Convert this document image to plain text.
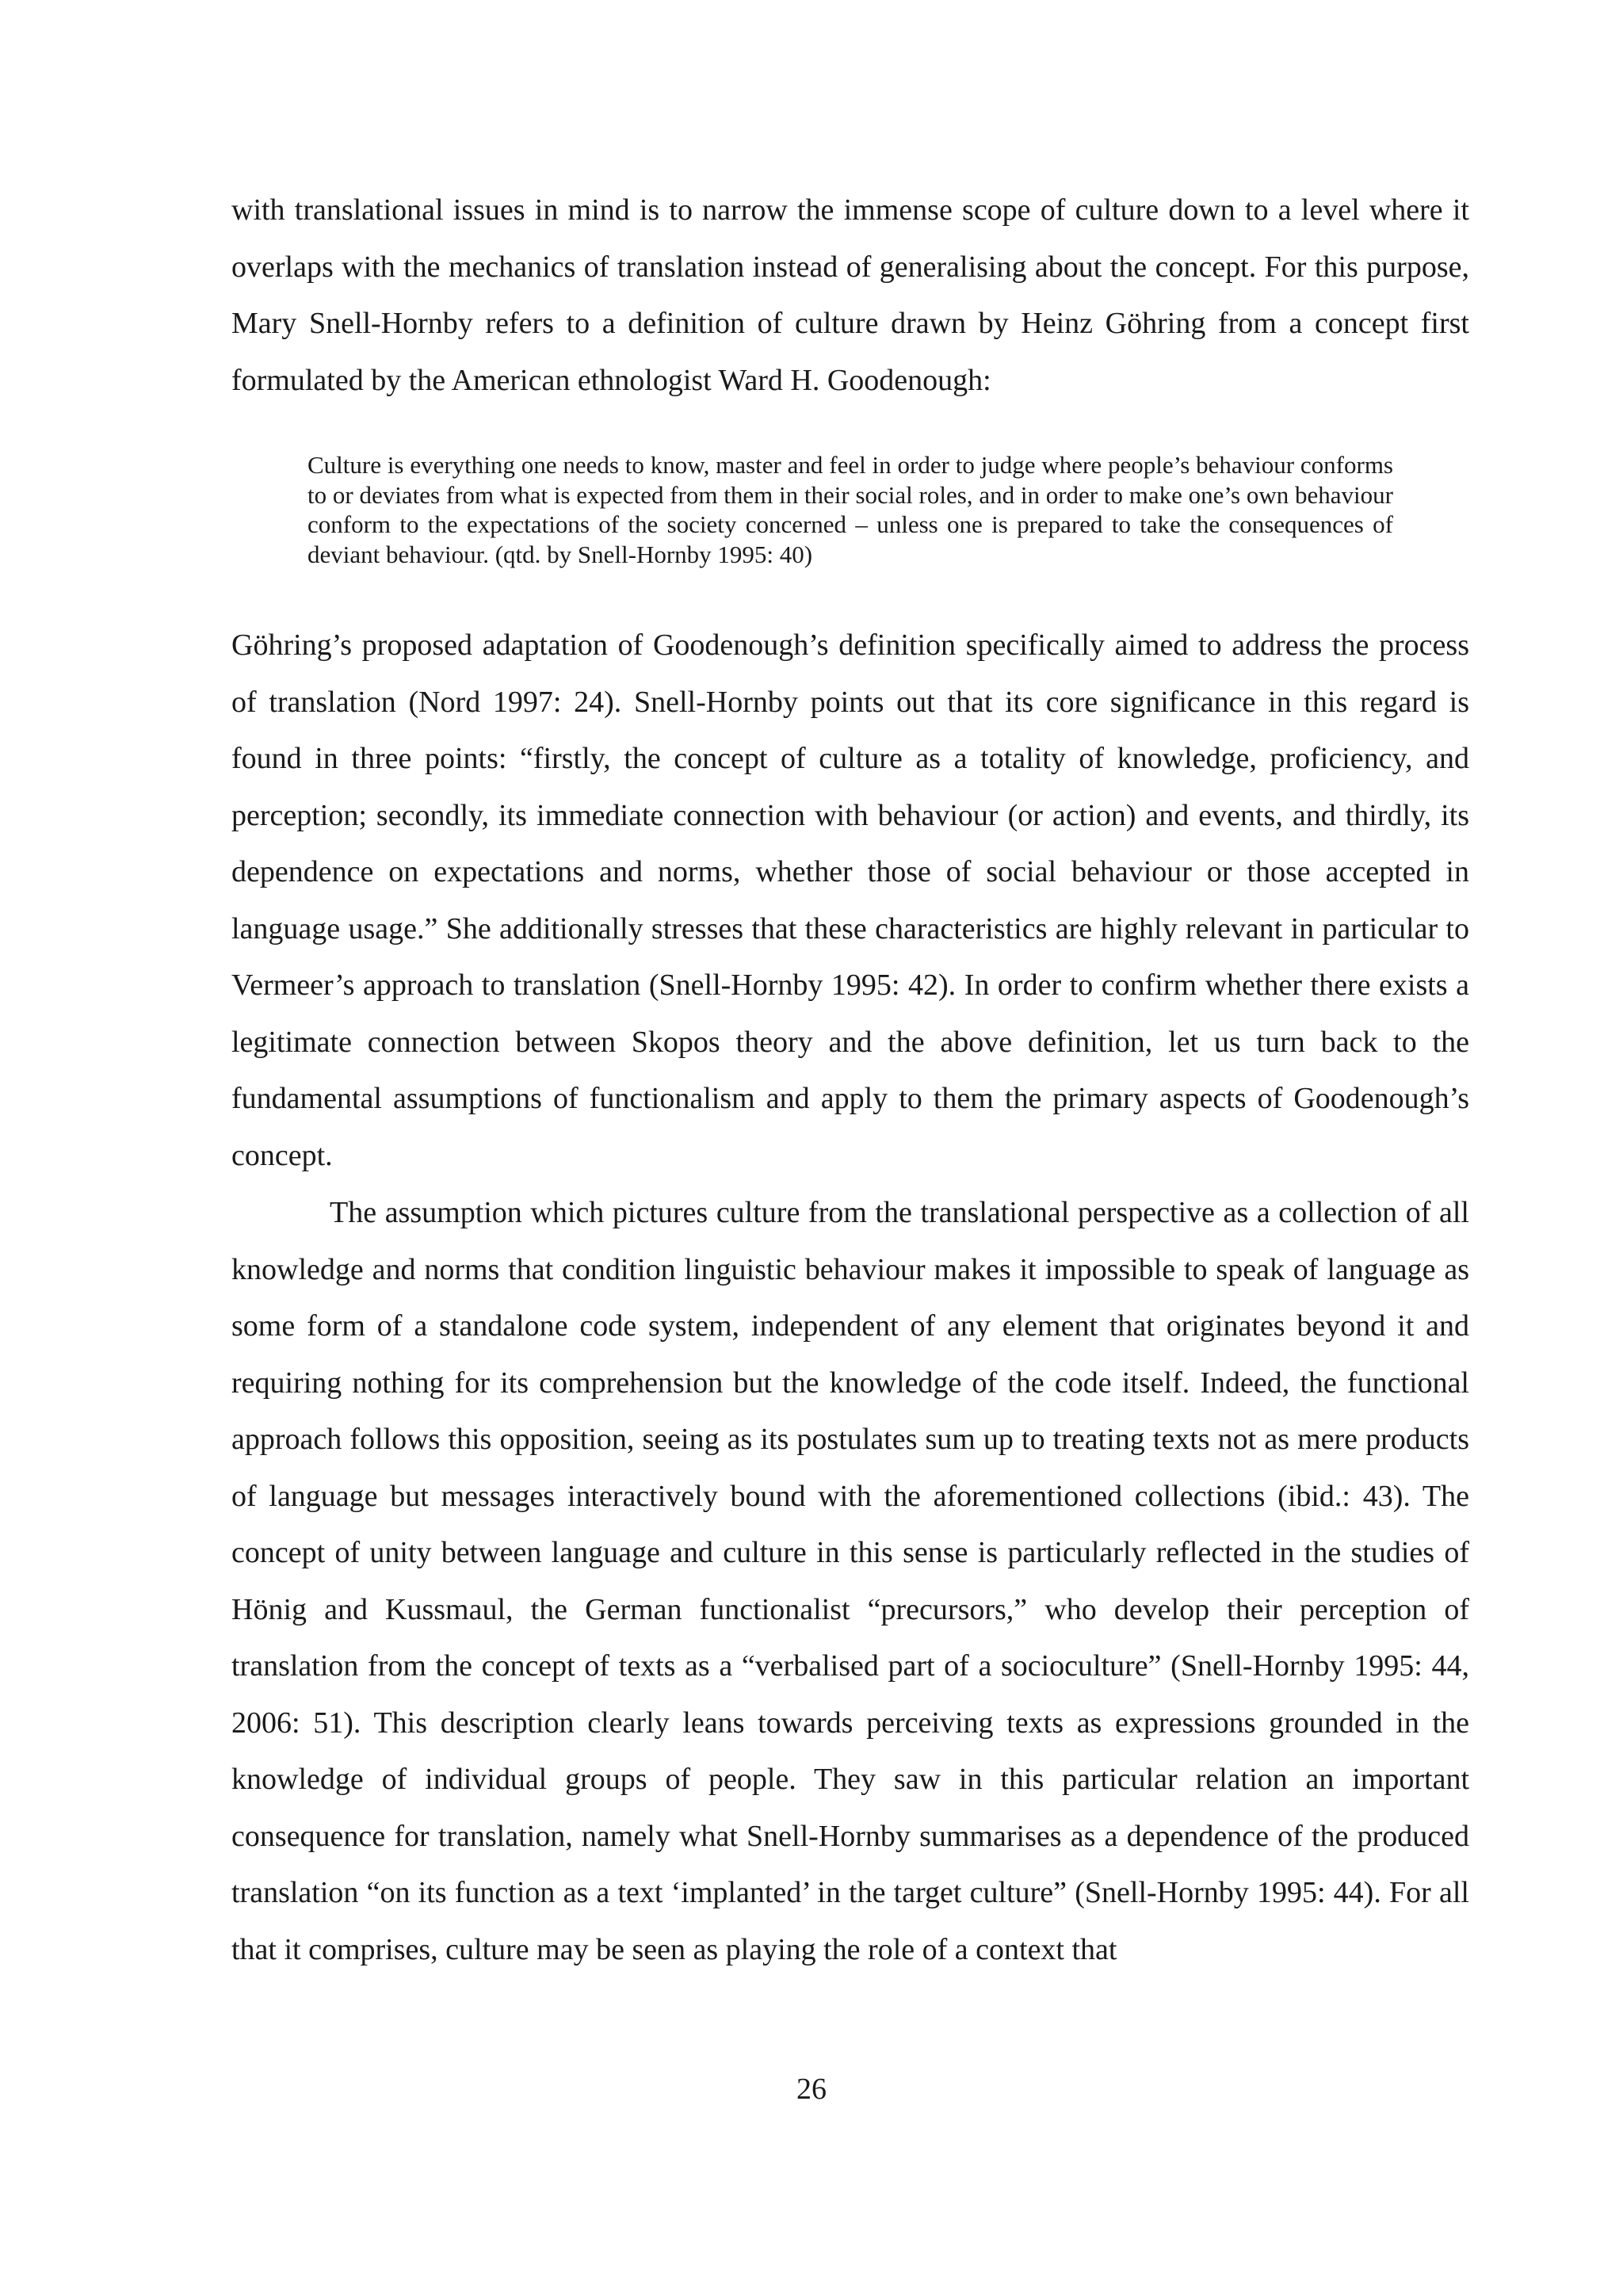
with translational issues in mind is to narrow the immense scope of culture down to a level where it overlaps with the mechanics of translation instead of generalising about the concept. For this purpose, Mary Snell-Hornby refers to a definition of culture drawn by Heinz Göhring from a concept first formulated by the American ethnologist Ward H. Goodenough:

Culture is everything one needs to know, master and feel in order to judge where people’s behaviour conforms to or deviates from what is expected from them in their social roles, and in order to make one’s own behaviour conform to the expectations of the society concerned – unless one is prepared to take the consequences of deviant behaviour. (qtd. by Snell-Hornby 1995: 40)

Göhring’s proposed adaptation of Goodenough’s definition specifically aimed to address the process of translation (Nord 1997: 24). Snell-Hornby points out that its core significance in this regard is found in three points: “firstly, the concept of culture as a totality of knowledge, proficiency, and perception; secondly, its immediate connection with behaviour (or action) and events, and thirdly, its dependence on expectations and norms, whether those of social behaviour or those accepted in language usage.” She additionally stresses that these characteristics are highly relevant in particular to Vermeer’s approach to translation (Snell-Hornby 1995: 42). In order to confirm whether there exists a legitimate connection between Skopos theory and the above definition, let us turn back to the fundamental assumptions of functionalism and apply to them the primary aspects of Goodenough’s concept.

The assumption which pictures culture from the translational perspective as a collection of all knowledge and norms that condition linguistic behaviour makes it impossible to speak of language as some form of a standalone code system, independent of any element that originates beyond it and requiring nothing for its comprehension but the knowledge of the code itself. Indeed, the functional approach follows this opposition, seeing as its postulates sum up to treating texts not as mere products of language but messages interactively bound with the aforementioned collections (ibid.: 43). The concept of unity between language and culture in this sense is particularly reflected in the studies of Hönig and Kussmaul, the German functionalist “precursors,” who develop their perception of translation from the concept of texts as a “verbalised part of a socioculture” (Snell-Hornby 1995: 44, 2006: 51). This description clearly leans towards perceiving texts as expressions grounded in the knowledge of individual groups of people. They saw in this particular relation an important consequence for translation, namely what Snell-Hornby summarises as a dependence of the produced translation “on its function as a text ‘implanted’ in the target culture” (Snell-Hornby 1995: 44). For all that it comprises, culture may be seen as playing the role of a context that

26
